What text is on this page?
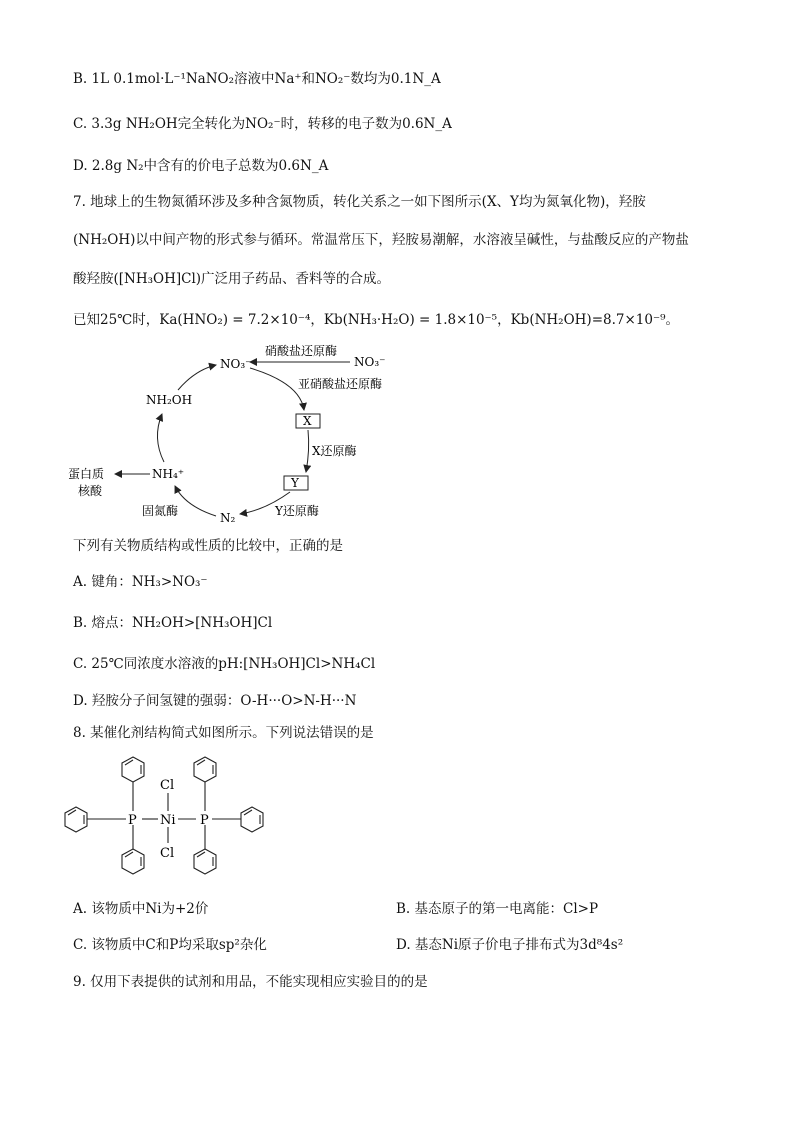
B. 1L 0.1mol·L⁻¹NaNO₂溶液中Na⁺和NO₂⁻数均为0.1N_A
C. 3.3g NH₂OH完全转化为NO₂⁻时，转移的电子数为0.6N_A
D. 2.8g N₂中含有的价电子总数为0.6N_A
7. 地球上的生物氮循环涉及多种含氮物质，转化关系之一如下图所示(X、Y均为氮氧化物)，羟胺
(NH₂OH)以中间产物的形式参与循环。常温常压下，羟胺易潮解，水溶液呈碱性，与盐酸反应的产物盐
酸羟胺([NH₃OH]Cl)广泛用子药品、香料等的合成。
已知25℃时，Ka(HNO₂) = 7.2×10⁻⁴，Kb(NH₃·H₂O) = 1.8×10⁻⁵，Kb(NH₂OH)=8.7×10⁻⁹。
硝酸盐还原酶
NO₃⁻
NO₃⁻
亚硝酸盐还原酶
X
X还原酶
Y
Y还原酶
N₂
固氮酶
NH₄⁺
蛋白质
核酸
NH₂OH
下列有关物质结构或性质的比较中，正确的是
A. 键角：NH₃>NO₃⁻
B. 熔点：NH₂OH>[NH₃OH]Cl
C. 25℃同浓度水溶液的pH:[NH₃OH]Cl>NH₄Cl
D. 羟胺分子间氢键的强弱：O-H···O>N-H···N
8. 某催化剂结构简式如图所示。下列说法错误的是
P	P
Ni
Cl
Cl
A. 该物质中Ni为+2价	B. 基态原子的第一电离能：Cl>P
C. 该物质中C和P均采取sp²杂化	D. 基态Ni原子价电子排布式为3d⁸4s²
9. 仅用下表提供的试剂和用品，不能实现相应实验目的的是
